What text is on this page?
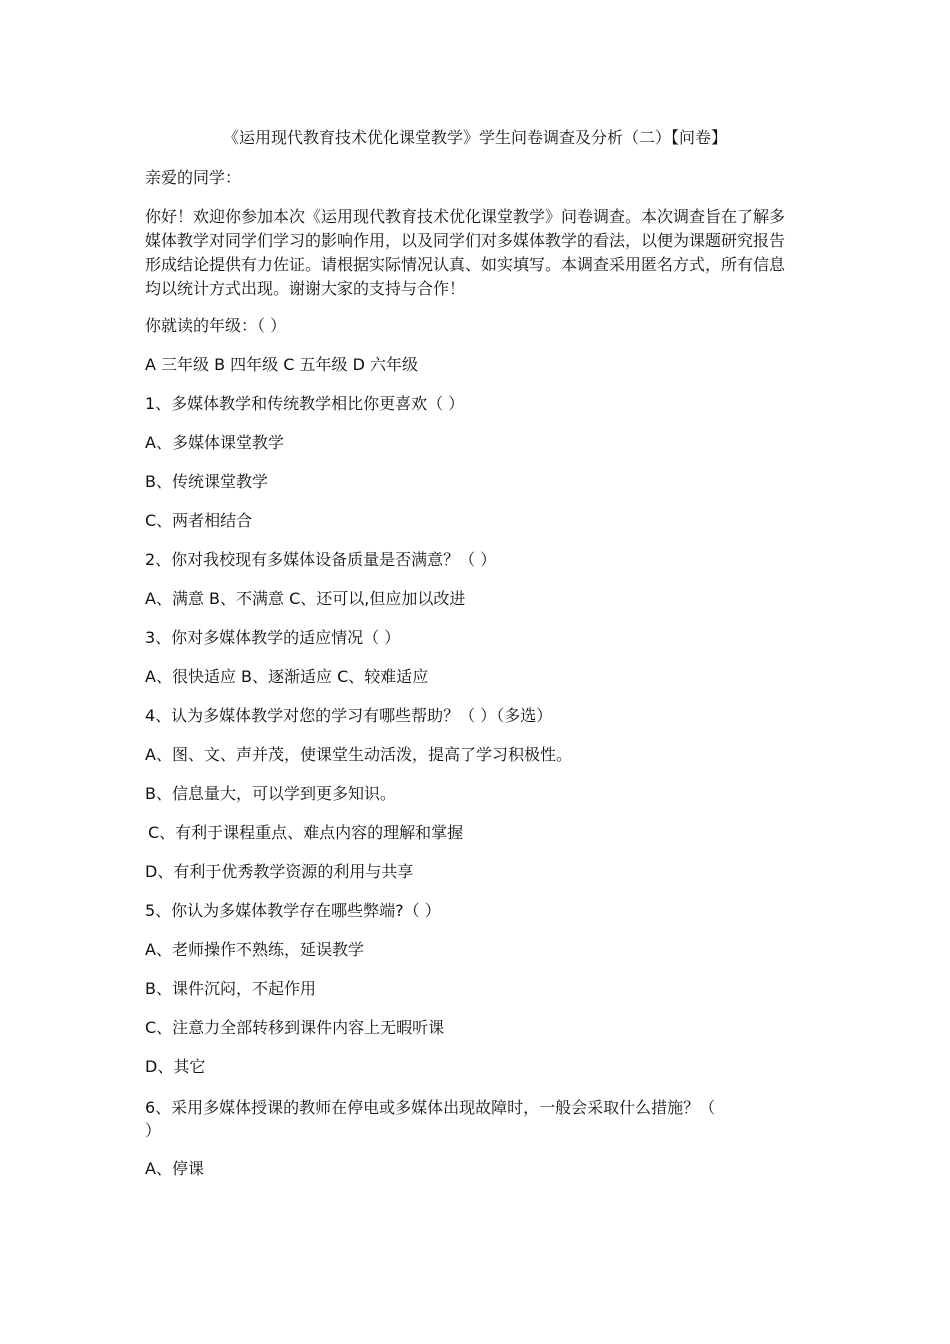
《运用现代教育技术优化课堂教学》学生问卷调查及分析（二）【问卷】

亲爱的同学：

你好！欢迎你参加本次《运用现代教育技术优化课堂教学》问卷调查。本次调查旨在了解多媒体教学对同学们学习的影响作用，以及同学们对多媒体教学的看法，以便为课题研究报告形成结论提供有力佐证。请根据实际情况认真、如实填写。本调查采用匿名方式，所有信息均以统计方式出现。谢谢大家的支持与合作！

你就读的年级：（ ）

A 三年级 B 四年级 C 五年级 D 六年级

1、多媒体教学和传统教学相比你更喜欢（ ）

A、多媒体课堂教学

B、传统课堂教学

C、两者相结合

2、你对我校现有多媒体设备质量是否满意？（ ）

A、满意 B、不满意 C、还可以,但应加以改进

3、你对多媒体教学的适应情况（ ）

A、很快适应 B、逐渐适应 C、较难适应

4、认为多媒体教学对您的学习有哪些帮助？（ ）（多选）

A、图、文、声并茂，使课堂生动活泼，提高了学习积极性。

B、信息量大，可以学到更多知识。

C、有利于课程重点、难点内容的理解和掌握

D、有利于优秀教学资源的利用与共享

5、你认为多媒体教学存在哪些弊端?（ ）

A、老师操作不熟练，延误教学

B、课件沉闷，不起作用

C、注意力全部转移到课件内容上无暇听课

D、其它

6、采用多媒体授课的教师在停电或多媒体出现故障时，一般会采取什么措施？（

）

A、停课
